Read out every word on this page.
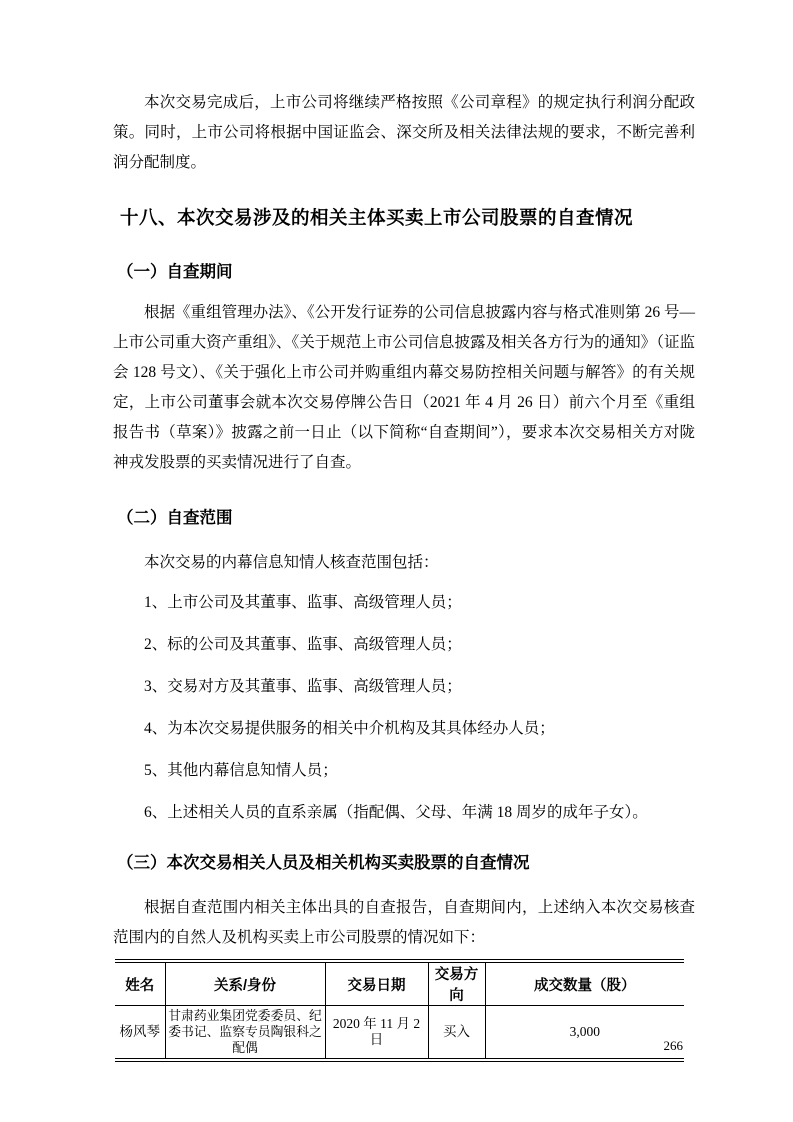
本次交易完成后，上市公司将继续严格按照《公司章程》的规定执行利润分配政策。同时，上市公司将根据中国证监会、深交所及相关法律法规的要求，不断完善利润分配制度。

十八、本次交易涉及的相关主体买卖上市公司股票的自查情况
（一）自查期间

根据《重组管理办法》、《公开发行证券的公司信息披露内容与格式准则第 26 号—上市公司重大资产重组》、《关于规范上市公司信息披露及相关各方行为的通知》（证监会 128 号文）、《关于强化上市公司并购重组内幕交易防控相关问题与解答》的有关规定，上市公司董事会就本次交易停牌公告日（2021 年 4 月 26 日）前六个月至《重组报告书（草案）》披露之前一日止（以下简称“自查期间”），要求本次交易相关方对陇神戎发股票的买卖情况进行了自查。

（二）自查范围

本次交易的内幕信息知情人核查范围包括：

1、上市公司及其董事、监事、高级管理人员；

2、标的公司及其董事、监事、高级管理人员；

3、交易对方及其董事、监事、高级管理人员；

4、为本次交易提供服务的相关中介机构及其具体经办人员；

5、其他内幕信息知情人员；

6、上述相关人员的直系亲属（指配偶、父母、年满 18 周岁的成年子女）。

（三）本次交易相关人员及相关机构买卖股票的自查情况

根据自查范围内相关主体出具的自查报告，自查期间内，上述纳入本次交易核查范围内的自然人及机构买卖上市公司股票的情况如下：

姓名	关系/身份	交易日期	交易方向	成交数量（股）
杨风琴	甘肃药业集团党委委员、纪委书记、监察专员陶银科之配偶	2020 年 11 月 2 日	买入	3,000
266
